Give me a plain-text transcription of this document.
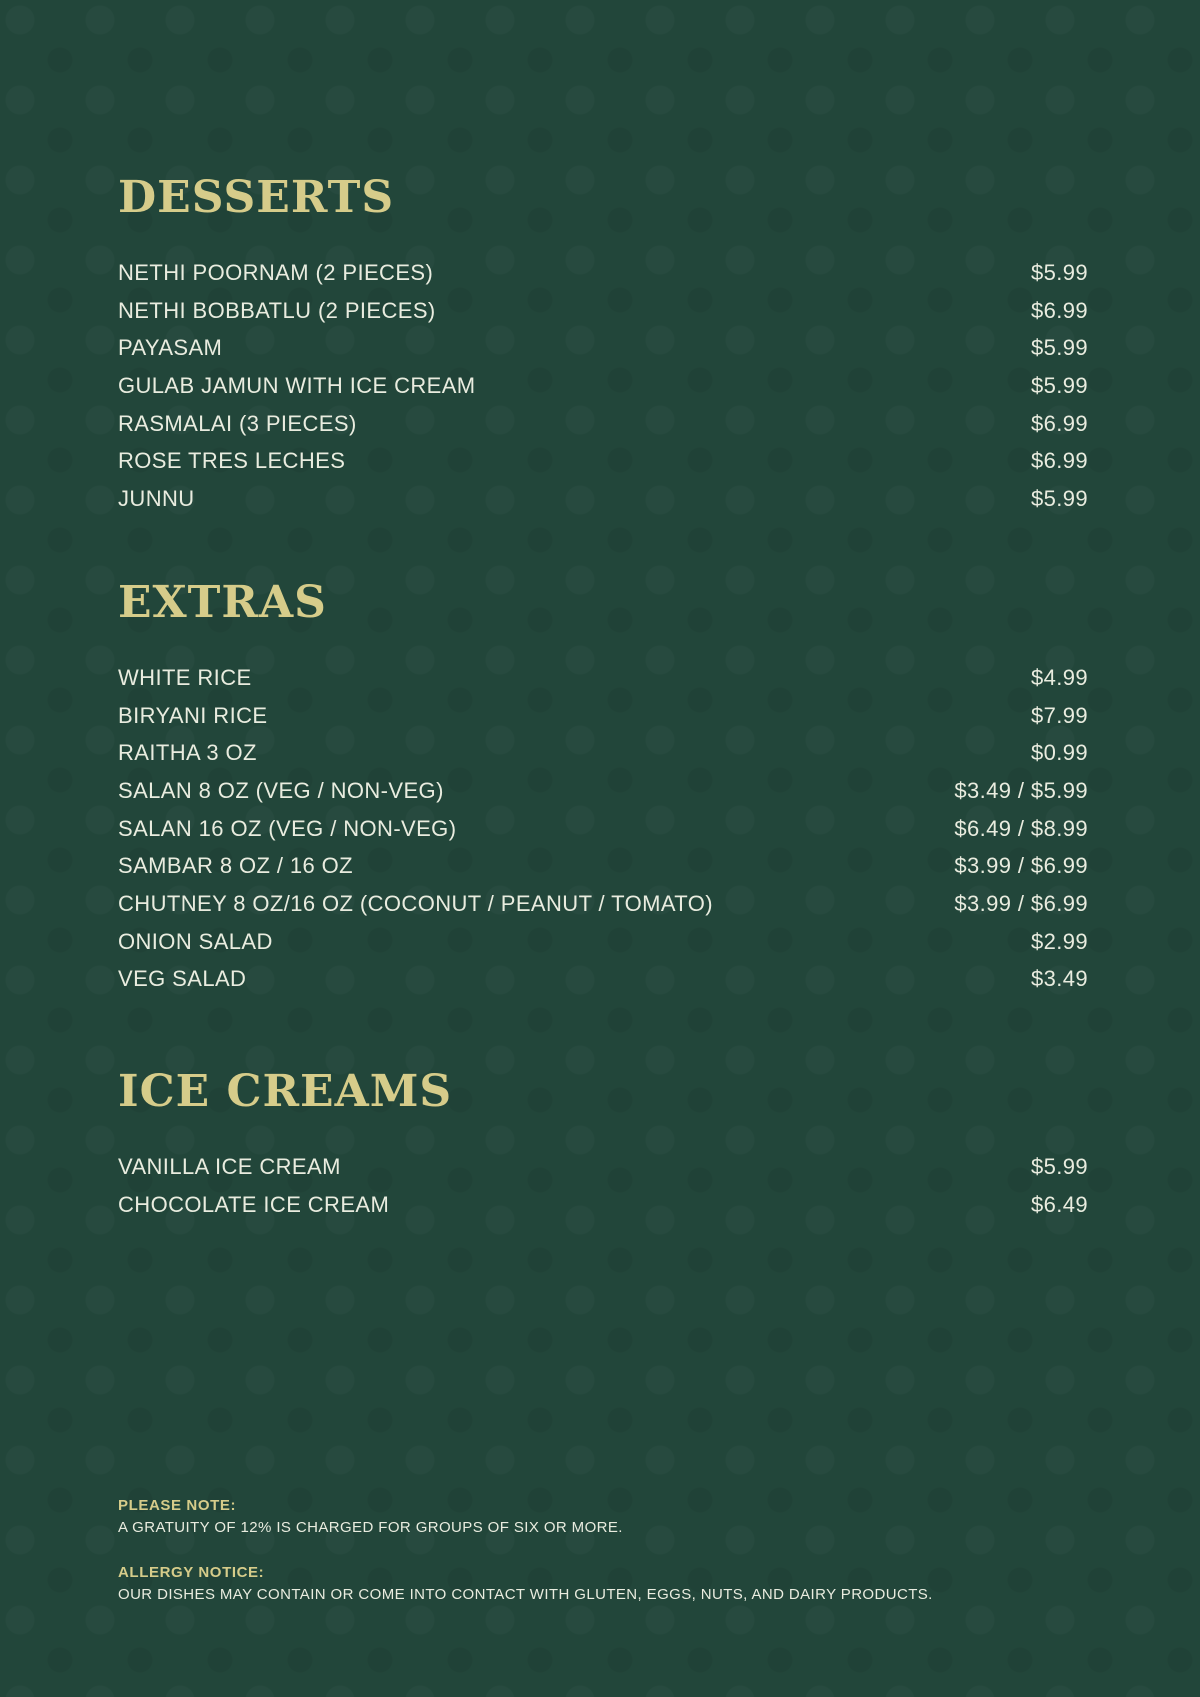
DESSERTS
NETHI POORNAM (2 PIECES)	$5.99
NETHI BOBBATLU (2 PIECES)	$6.99
PAYASAM	$5.99
GULAB JAMUN WITH ICE CREAM	$5.99
RASMALAI (3 PIECES)	$6.99
ROSE TRES LECHES	$6.99
JUNNU	$5.99
EXTRAS
WHITE RICE	$4.99
BIRYANI RICE	$7.99
RAITHA 3 OZ	$0.99
SALAN 8 OZ (VEG / NON-VEG)	$3.49 / $5.99
SALAN 16 OZ (VEG / NON-VEG)	$6.49 / $8.99
SAMBAR 8 OZ / 16 OZ	$3.99 / $6.99
CHUTNEY 8 OZ/16 OZ (COCONUT / PEANUT / TOMATO)	$3.99 / $6.99
ONION SALAD	$2.99
VEG SALAD	$3.49
ICE CREAMS
VANILLA ICE CREAM	$5.99
CHOCOLATE ICE CREAM	$6.49
PLEASE NOTE:
A GRATUITY OF 12% IS CHARGED FOR GROUPS OF SIX OR MORE.
ALLERGY NOTICE:
OUR DISHES MAY CONTAIN OR COME INTO CONTACT WITH GLUTEN, EGGS, NUTS, AND DAIRY PRODUCTS.
